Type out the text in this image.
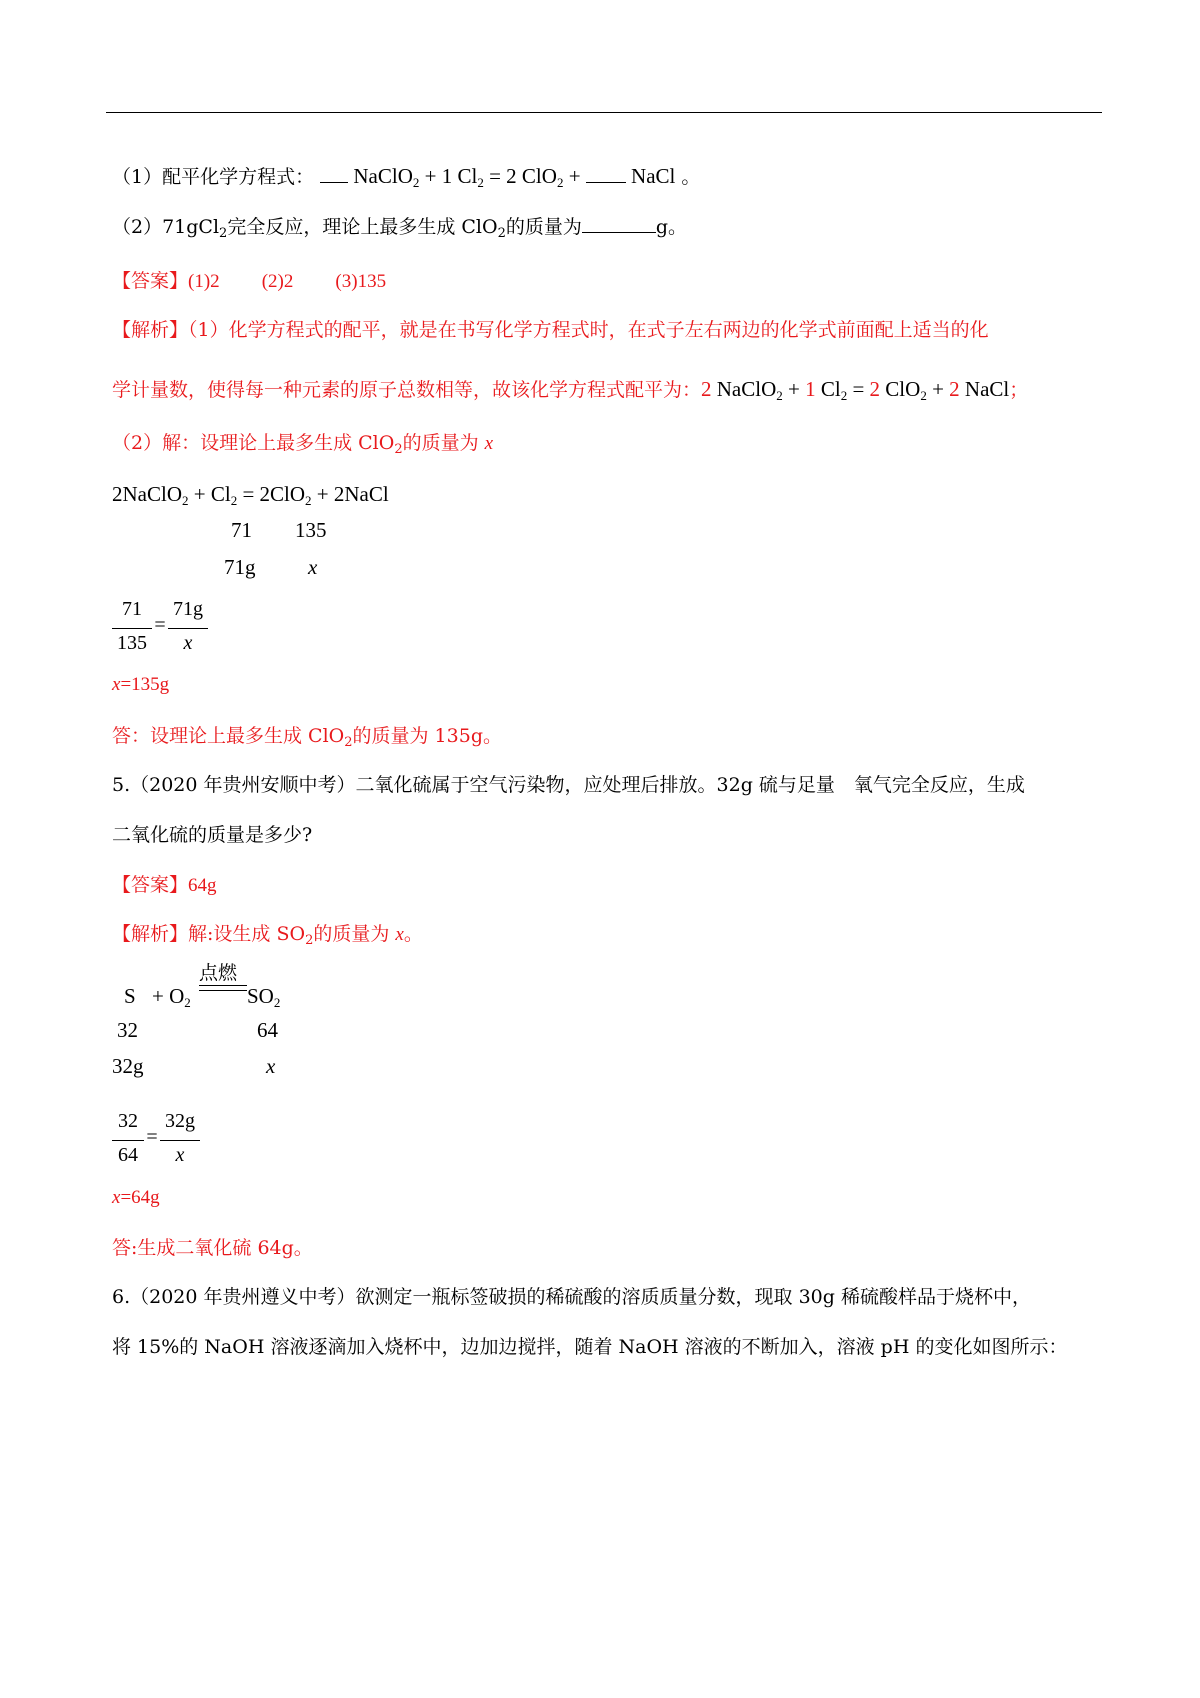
（1）配平化学方程式： NaClO$_2$ + 1 $Cl_2 = 2$ ClO$_2$ +  NaCl 。
（2）71gCl$_2$完全反应，理论上最多生成 ClO$_2$的质量为	g。
【答案】(1)2 (2)2 (3)135
【解析】（1）化学方程式的配平，就是在书写化学方程式时，在式子左右两边的化学式前面配上适当的化
学计量数，使得每一种元素的原子总数相等，故该化学方程式配平为：2 NaClO$_2$ + 1 $Cl_2 = 2$ ClO$_2$ + 2 NaCl；
（2）解：设理论上最多生成 ClO$_2$的质量为 x
2NaClO$_2$ + $Cl_2 = 2ClO_2$ + 2NaCl
71 135
71g	x
71
135
=
71g
x
x=135g
答：设理论上最多生成 ClO$_2$的质量为 135g。
5.（2020 年贵州安顺中考）二氧化硫属于空气污染物，应处理后排放。32g 硫与足量　氧气完全反应，生成
二氧化硫的质量是多少?
【答案】64g
【解析】解:设生成 $SO_2$的质量为 x。
点燃
$S + O_2$	$SO_2$
32	64
32g	x
32
64
=
32g
x
x=64g
答:生成二氧化硫 64g。
6.（2020 年贵州遵义中考）欲测定一瓶标签破损的稀硫酸的溶质质量分数，现取 30g 稀硫酸样品于烧杯中，
将 15%的 NaOH 溶液逐滴加入烧杯中，边加边搅拌，随着 NaOH 溶液的不断加入，溶液 pH 的变化如图所示：
